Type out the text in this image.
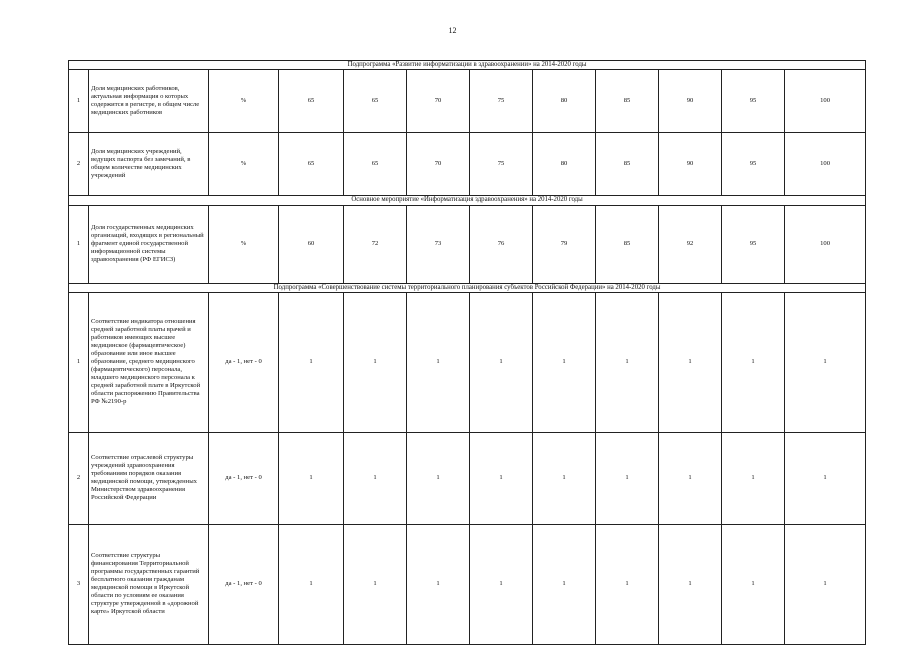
12
Подпрограмма «Развитие информатизации в здравоохранении» на 2014-2020 годы											
1	Доля медицинских работников, актуальная информация о которых содержится в регистре, в общем числе медицинских работников	%	65	65	70	75	80	85	90	95	100
2	Доля медицинских учреждений, ведущих паспорта без замечаний, в общем количестве медицинских учреждений	%	65	65	70	75	80	85	90	95	100
Основное мероприятие «Информатизация здравоохранения» на 2014-2020 годы											
1	Доля государственных медицинских организаций, входящих в региональный фрагмент единой государственной информационной системы здравоохранения (РФ ЕГИСЗ)	%	60	72	73	76	79	85	92	95	100
Подпрограмма «Совершенствование системы территориального планирования субъектов Российской Федерации» на 2014-2020 годы											
1	Соответствие индикатора отношения средней заработной платы врачей и работников имеющих высшее медицинское (фармацевтическое) образование или иное высшее образование, среднего медицинского (фармацевтического) персонала, младшего медицинского персонала к средней заработной плате в Иркутской области распоряжению Правительства РФ №2190-р	да - 1, нет - 0	1	1	1	1	1	1	1	1	1
2	Соответствие отраслевой структуры учреждений здравоохранения требованиям порядков оказания медицинской помощи, утвержденных Министерством здравоохранения Российской Федерации	да - 1, нет - 0	1	1	1	1	1	1	1	1	1
3	Соответствие структуры финансирования Территориальной программы государственных гарантий бесплатного оказания гражданам медицинской помощи в Иркутской области по условиям ее оказания структуре утвержденной в «дорожной карте» Иркутской области	да - 1, нет - 0	1	1	1	1	1	1	1	1	1
